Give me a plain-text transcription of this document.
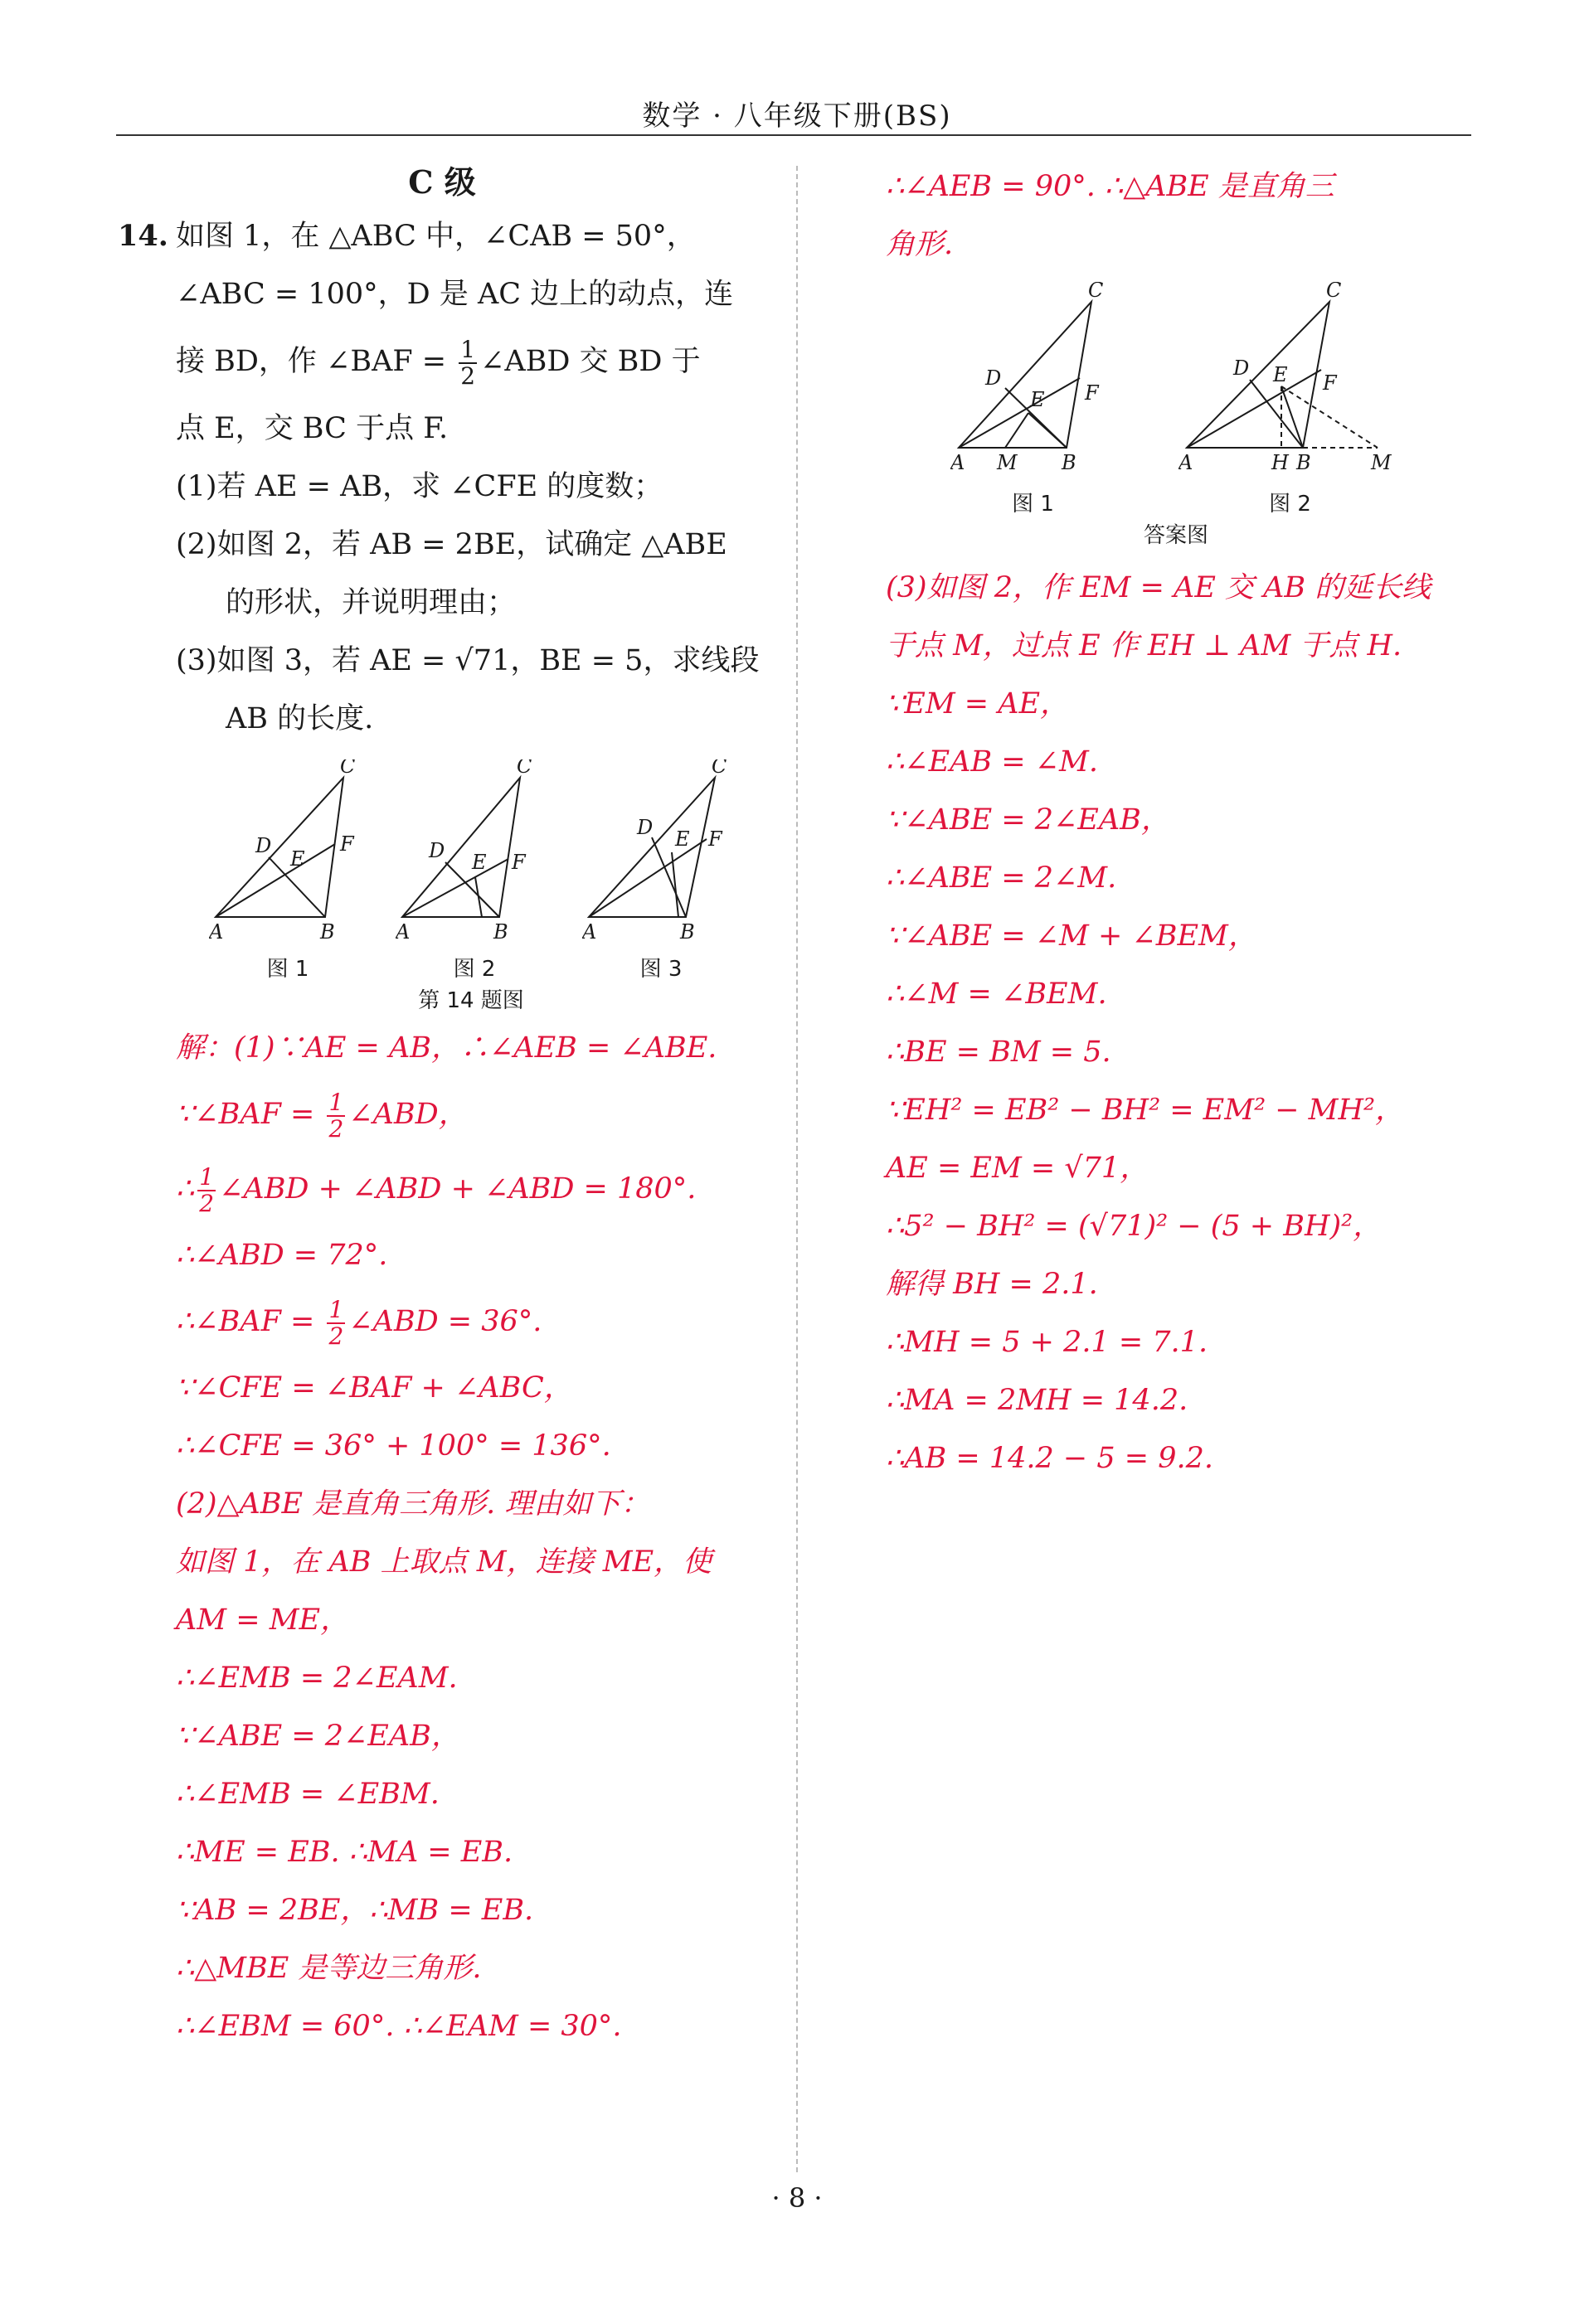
数学 · 八年级下册(BS)
C 级
14. 如图 1，在 △ABC 中，∠CAB = 50°，
∠ABC = 100°，D 是 AC 边上的动点，连
接 BD，作 ∠BAF = $\frac{1}{2}$ ∠ABD 交 BD 于
点 E，交 BC 于点 F.
(1)若 AE = AB，求 ∠CFE 的度数；
(2)如图 2，若 AB = 2BE，试确定 △ABE
的形状，并说明理由；
(3)如图 3，若 AE = √71，BE = 5，求线段
AB 的长度.
A	B
C
D
E
F
图 1
A	B
C
D E F
图 2
A	B
C
D E F
图 3
第 14 题图
解：(1)∵AE = AB，∴∠AEB = ∠ABE.
∵∠BAF = $\frac{1}{2}$ ∠ABD，
∴ $\frac{1}{2}$ ∠ABD + ∠ABD + ∠ABD = 180°.
∴∠ABD = 72°.
∴∠BAF = $\frac{1}{2}$ ∠ABD = 36°.
∵∠CFE = ∠BAF + ∠ABC，
∴∠CFE = 36° + 100° = 136°.
(2)△ABE 是直角三角形. 理由如下：
如图 1，在 AB 上取点 M，连接 ME，使
AM = ME，
∴∠EMB = 2∠EAM.
∵∠ABE = 2∠EAB，
∴∠EMB = ∠EBM.
∴ME = EB. ∴MA = EB.
∵AB = 2BE，∴MB = EB.
∴△MBE 是等边三角形.
∴∠EBM = 60°. ∴∠EAM = 30°.
∴∠AEB = 90°. ∴△ABE 是直角三
角形.
A M B
C
D
E F
图 1
A	H B	M
C
D E F
图 2
答案图
(3)如图 2，作 EM = AE 交 AB 的延长线
于点 M，过点 E 作 EH ⊥ AM 于点 H.
∵EM = AE，
∴∠EAB = ∠M.
∵∠ABE = 2∠EAB，
∴∠ABE = 2∠M.
∵∠ABE = ∠M + ∠BEM，
∴∠M = ∠BEM.
∴BE = BM = 5.
∵EH² = EB² − BH² = EM² − MH²，
AE = EM = √71，
∴5² − BH² = (√71)² − (5 + BH)²，
解得 BH = 2.1.
∴MH = 5 + 2.1 = 7.1.
∴MA = 2MH = 14.2.
∴AB = 14.2 − 5 = 9.2.
· 8 ·
